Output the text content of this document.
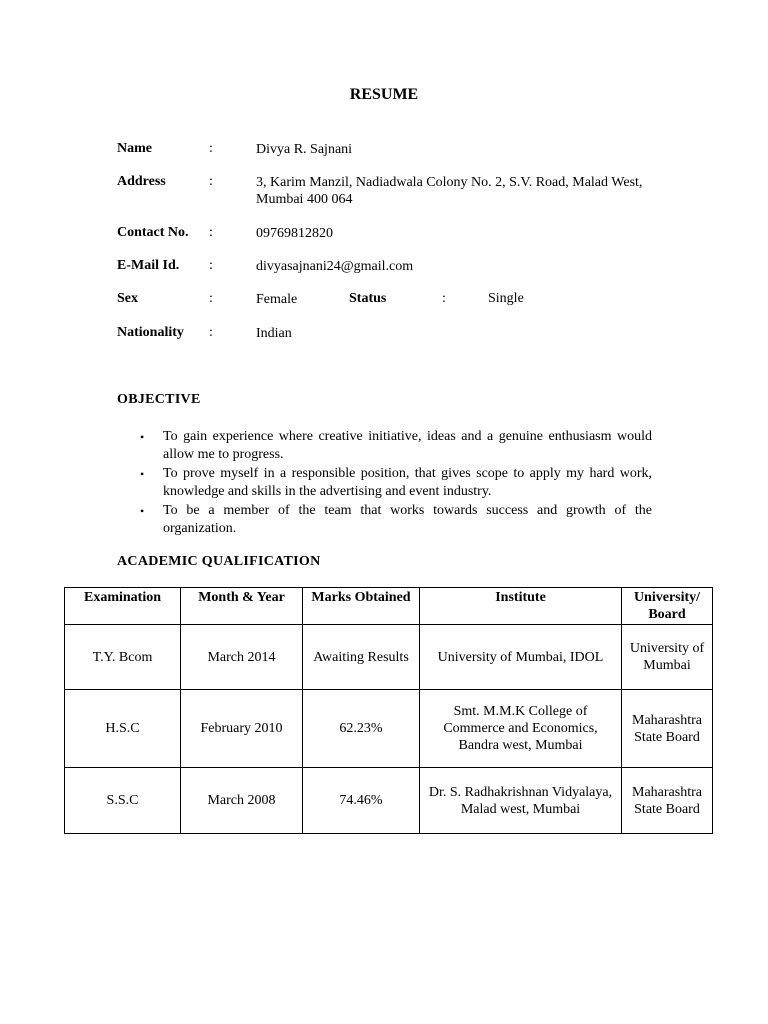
RESUME
Name	:	Divya R. Sajnani
Address	:	3, Karim Manzil, Nadiadwala Colony No. 2, S.V. Road, Malad West, Mumbai 400 064
Contact No. :	09769812820
E-Mail Id. :	divyasajnani24@gmail.com
Sex	:	Female	Status	:	Single
Nationality :	Indian
OBJECTIVE
• To gain experience where creative initiative, ideas and a genuine enthusiasm would allow me to progress.
• To prove myself in a responsible position, that gives scope to apply my hard work, knowledge and skills in the advertising and event industry.
• To be a member of the team that works towards success and growth of the organization.
ACADEMIC QUALIFICATION
Examination	Month & Year	Marks Obtained	Institute	University/ Board
T.Y. Bcom	March 2014	Awaiting Results	University of Mumbai, IDOL	University of Mumbai
H.S.C	February 2010	62.23%	Smt. M.M.K College of Commerce and Economics, Bandra west, Mumbai	Maharashtra State Board
S.S.C	March 2008	74.46%	Dr. S. Radhakrishnan Vidyalaya,
Malad west, Mumbai	Maharashtra State Board
